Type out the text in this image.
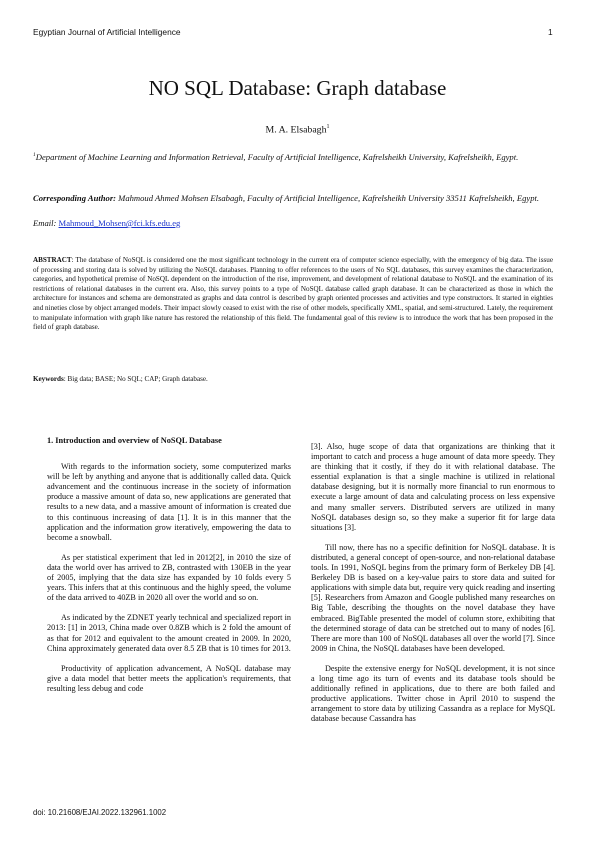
Egyptian Journal of Artificial Intelligence	1
NO SQL Database: Graph database
M. A. Elsabagh$^1$
$^1$Department of Machine Learning and Information Retrieval, Faculty of Artificial Intelligence, Kafrelsheikh University, Kafrelsheikh, Egypt.
Corresponding Author: Mahmoud Ahmed Mohsen Elsabagh, Faculty of Artificial Intelligence, Kafrelsheikh University 33511 Kafrelsheikh, Egypt.
Email: Mahmoud_Mohsen@fci.kfs.edu.eg
ABSTRACT: The database of NoSQL is considered one the most significant technology in the current era of computer science especially, with the emergency of big data. The issue of processing and storing data is solved by utilizing the NoSQL databases. Planning to offer references to the users of No SQL databases, this survey examines the characterization, categories, and hypothetical premise of NoSQL dependent on the introduction of the rise, improvement, and development of relational database to NoSQL and the examination of its restrictions of relational databases in the current era. Also, this survey points to a type of NoSQL database called graph database. It can be characterized as those in which the architecture for instances and schema are demonstrated as graphs and data control is described by graph oriented processes and activities and type constructors. It started in eighties and nineties close by object arranged models. Their impact slowly ceased to exist with the rise of other models, specifically XML, spatial, and semi-structured. Lately, the requirement to manipulate information with graph like nature has restored the relationship of this field. The fundamental goal of this review is to introduce the work that has been proposed in the field of graph database.
Keywords: Big data; BASE; No SQL; CAP; Graph database.
1. Introduction and overview of NoSQL Database

With regards to the information society, some computerized marks will be left by anything and anyone that is additionally called data. Quick advancement and the continuous increase in the society of information produce a massive amount of data so, new applications are generated that results to a new data, and a massive amount of information is created due to this continuous increasing of data [1]. It is in this manner that the application and the information grow iteratively, empowering the data to become a snowball.

As per statistical experiment that led in 2012[2], in 2010 the size of data the world over has arrived to ZB, contrasted with 130EB in the year of 2005, implying that the data size has expanded by 10 folds every 5 years. This infers that at this continuous and the highly speed, the volume of the data arrived to 40ZB in 2020 all over the world and so on.

As indicated by the ZDNET yearly technical and specialized report in 2013: [1] in 2013, China made over 0.8ZB which is 2 fold the amount of as that for 2012 and equivalent to the amount created in 2009. In 2020, China approximately generated data over 8.5 ZB that is 10 times for 2013.

Productivity of application advancement, A NoSQL database may give a data model that better meets the application's requirements, that resulting less debug and code

[3]. Also, huge scope of data that organizations are thinking that it important to catch and process a huge amount of data more speedy. They are thinking that it costly, if they do it with relational database. The essential explanation is that a single machine is utilized in relational database designing, but it is normally more financial to run enormous to execute a large amount of data and calculating process on less expensive and many smaller servers. Distributed servers are utilized in many NoSQL databases design so, so they make a superior fit for large data situations [3].

Till now, there has no a specific definition for NoSQL database. It is distributed, a general concept of open-source, and non-relational database tools. In 1991, NoSQL begins from the primary form of Berkeley DB [4]. Berkeley DB is based on a key-value pairs to store data and suited for applications with simple data but, require very quick reading and inserting [5]. Researchers from Amazon and Google published many researches on Big Table, describing the thoughts on the novel database they have embraced. BigTable presented the model of column store, exhibiting that the determined storage of data can be stretched out to many of nodes [6]. There are more than 100 of NoSQL databases all over the world [7]. Since 2009 in China, the NoSQL databases have been developed.

Despite the extensive energy for NoSQL development, it is not since a long time ago its turn of events and its database tools should be additionally refined in applications, due to there are both failed and productive applications. Twitter chose in April 2010 to suspend the arrangement to store data by utilizing Cassandra as a replace for MySQL database because Cassandra has

doi: 10.21608/EJAI.2022.132961.1002
